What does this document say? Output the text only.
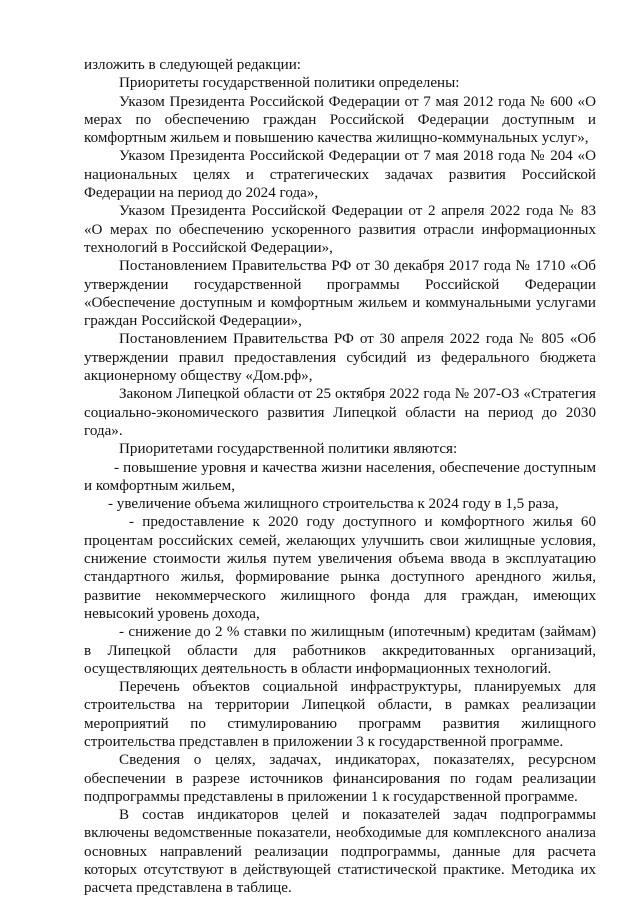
изложить в следующей редакции:

Приоритеты государственной политики определены:

Указом Президента Российской Федерации от 7 мая 2012 года № 600 «О мерах по обеспечению граждан Российской Федерации доступным и комфортным жильем и повышению качества жилищно-коммунальных услуг»,

Указом Президента Российской Федерации от 7 мая 2018 года № 204 «О национальных целях и стратегических задачах развития Российской Федерации на период до 2024 года»,

Указом Президента Российской Федерации от 2 апреля 2022 года № 83 «О мерах по обеспечению ускоренного развития отрасли информационных технологий в Российской Федерации»,

Постановлением Правительства РФ от 30 декабря 2017 года № 1710 «Об утверждении государственной программы Российской Федерации «Обеспечение доступным и комфортным жильем и коммунальными услугами граждан Российской Федерации»,

Постановлением Правительства РФ от 30 апреля 2022 года № 805 «Об утверждении правил предоставления субсидий из федерального бюджета акционерному обществу «Дом.рф»,

Законом Липецкой области от 25 октября 2022 года № 207-ОЗ «Стратегия социально-экономического развития Липецкой области на период до 2030 года».

Приоритетами государственной политики являются:

- повышение уровня и качества жизни населения, обеспечение доступным и комфортным жильем,

- увеличение объема жилищного строительства к 2024 году в 1,5 раза,

- предоставление к 2020 году доступного и комфортного жилья 60 процентам российских семей, желающих улучшить свои жилищные условия, снижение стоимости жилья путем увеличения объема ввода в эксплуатацию стандартного жилья, формирование рынка доступного арендного жилья, развитие некоммерческого жилищного фонда для граждан, имеющих невысокий уровень дохода,

- снижение до 2 % ставки по жилищным (ипотечным) кредитам (займам) в Липецкой области для работников аккредитованных организаций, осуществляющих деятельность в области информационных технологий.

Перечень объектов социальной инфраструктуры, планируемых для строительства на территории Липецкой области, в рамках реализации мероприятий по стимулированию программ развития жилищного строительства представлен в приложении 3 к государственной программе.

Сведения о целях, задачах, индикаторах, показателях, ресурсном обеспечении в разрезе источников финансирования по годам реализации подпрограммы представлены в приложении 1 к государственной программе.

В состав индикаторов целей и показателей задач подпрограммы включены ведомственные показатели, необходимые для комплексного анализа основных направлений реализации подпрограммы, данные для расчета которых отсутствуют в действующей статистической практике. Методика их расчета представлена в таблице.
